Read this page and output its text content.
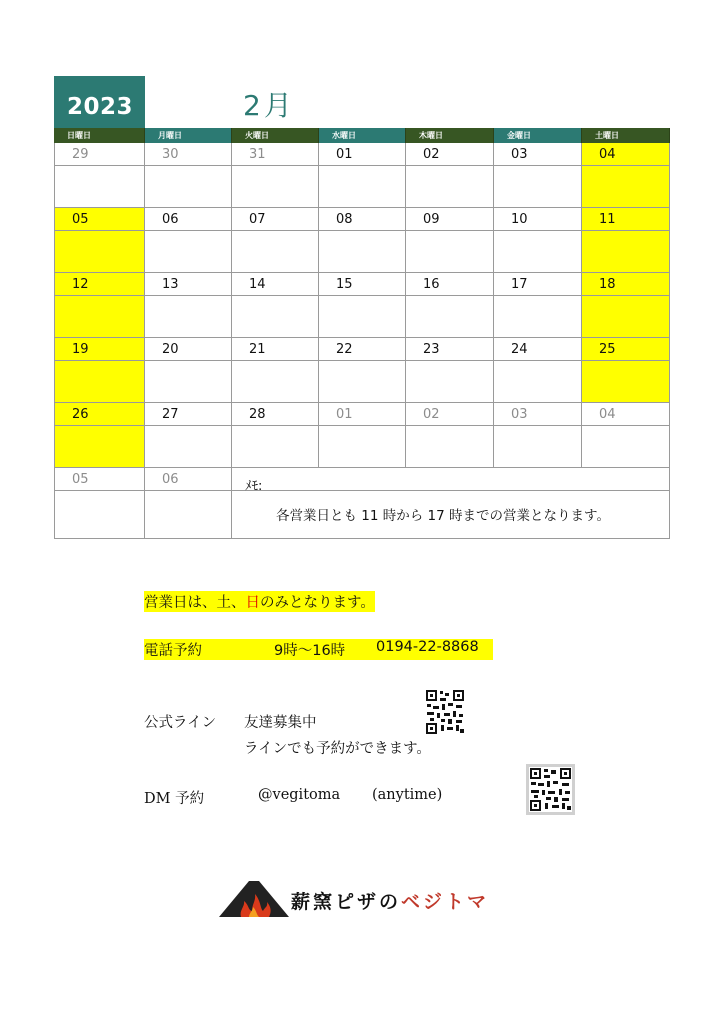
2023	2月
日曜日	月曜日	火曜日	水曜日	木曜日	金曜日	土曜日
29	30	31	01	02	03	04
05	06	07	08	09	10	11
12	13	14	15	16	17	18
19	20	21	22	23	24	25
26	27	28	01	02	03	04
05	06	ﾒﾓ:
各営業日とも 11 時から 17 時までの営業となります。
営業日は、土、日のみとなります。
電話予約	9時～16時 0194-22-8868
公式ライン 友達募集中
ラインでも予約ができます。
DM 予約	@vegitoma (anytime)
薪窯ピザのベジトマ
